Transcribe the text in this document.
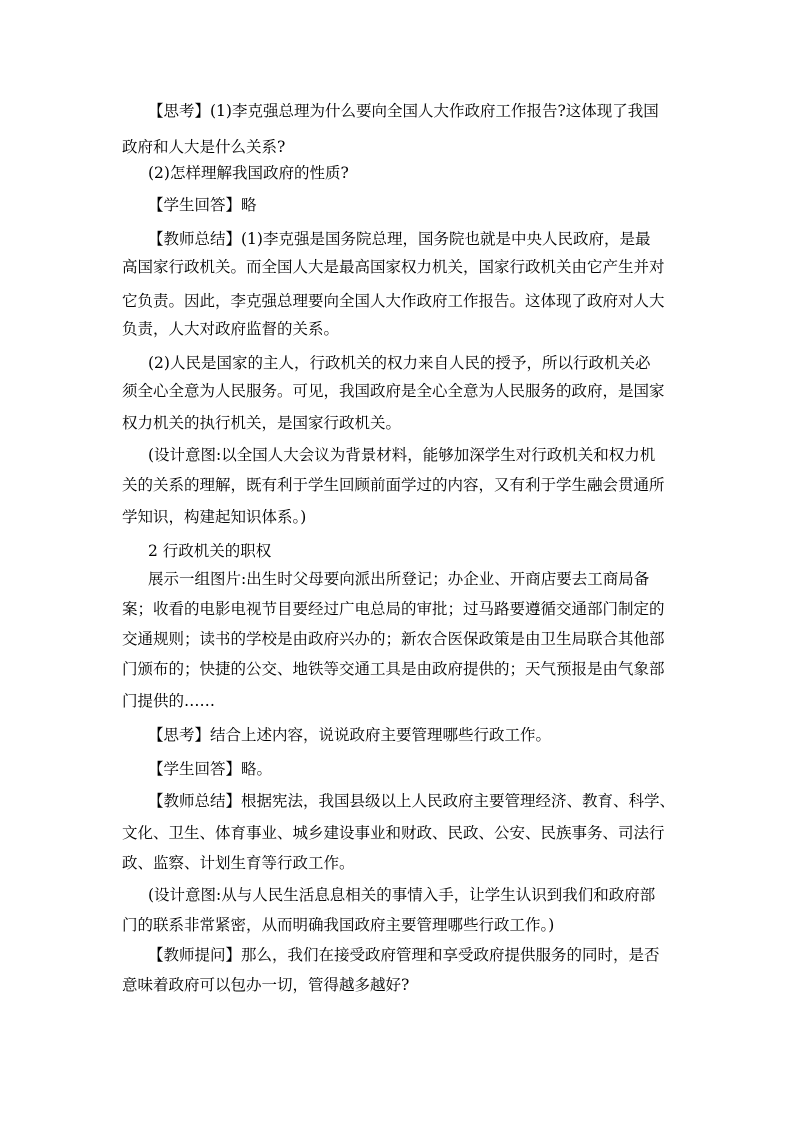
【思考】(1)李克强总理为什么要向全国人大作政府工作报告?这体现了我国
政府和人大是什么关系?
(2)怎样理解我国政府的性质?
【学生回答】略
【教师总结】(1)李克强是国务院总理，国务院也就是中央人民政府，是最
高国家行政机关。而全国人大是最高国家权力机关，国家行政机关由它产生并对
它负责。因此，李克强总理要向全国人大作政府工作报告。这体现了政府对人大
负责，人大对政府监督的关系。
(2)人民是国家的主人，行政机关的权力来自人民的授予，所以行政机关必
须全心全意为人民服务。可见，我国政府是全心全意为人民服务的政府，是国家
权力机关的执行机关，是国家行政机关。
(设计意图:以全国人大会议为背景材料，能够加深学生对行政机关和权力机
关的关系的理解，既有利于学生回顾前面学过的内容，又有利于学生融会贯通所
学知识，构建起知识体系。)
2 行政机关的职权
展示一组图片:出生时父母要向派出所登记；办企业、开商店要去工商局备
案；收看的电影电视节目要经过广电总局的审批；过马路要遵循交通部门制定的
交通规则；读书的学校是由政府兴办的；新农合医保政策是由卫生局联合其他部
门颁布的；快捷的公交、地铁等交通工具是由政府提供的；天气预报是由气象部
门提供的……
【思考】结合上述内容，说说政府主要管理哪些行政工作。
【学生回答】略。
【教师总结】根据宪法，我国县级以上人民政府主要管理经济、教育、科学、
文化、卫生、体育事业、城乡建设事业和财政、民政、公安、民族事务、司法行
政、监察、计划生育等行政工作。
(设计意图:从与人民生活息息相关的事情入手，让学生认识到我们和政府部
门的联系非常紧密，从而明确我国政府主要管理哪些行政工作。)
【教师提问】那么，我们在接受政府管理和享受政府提供服务的同时，是否
意味着政府可以包办一切，管得越多越好?
